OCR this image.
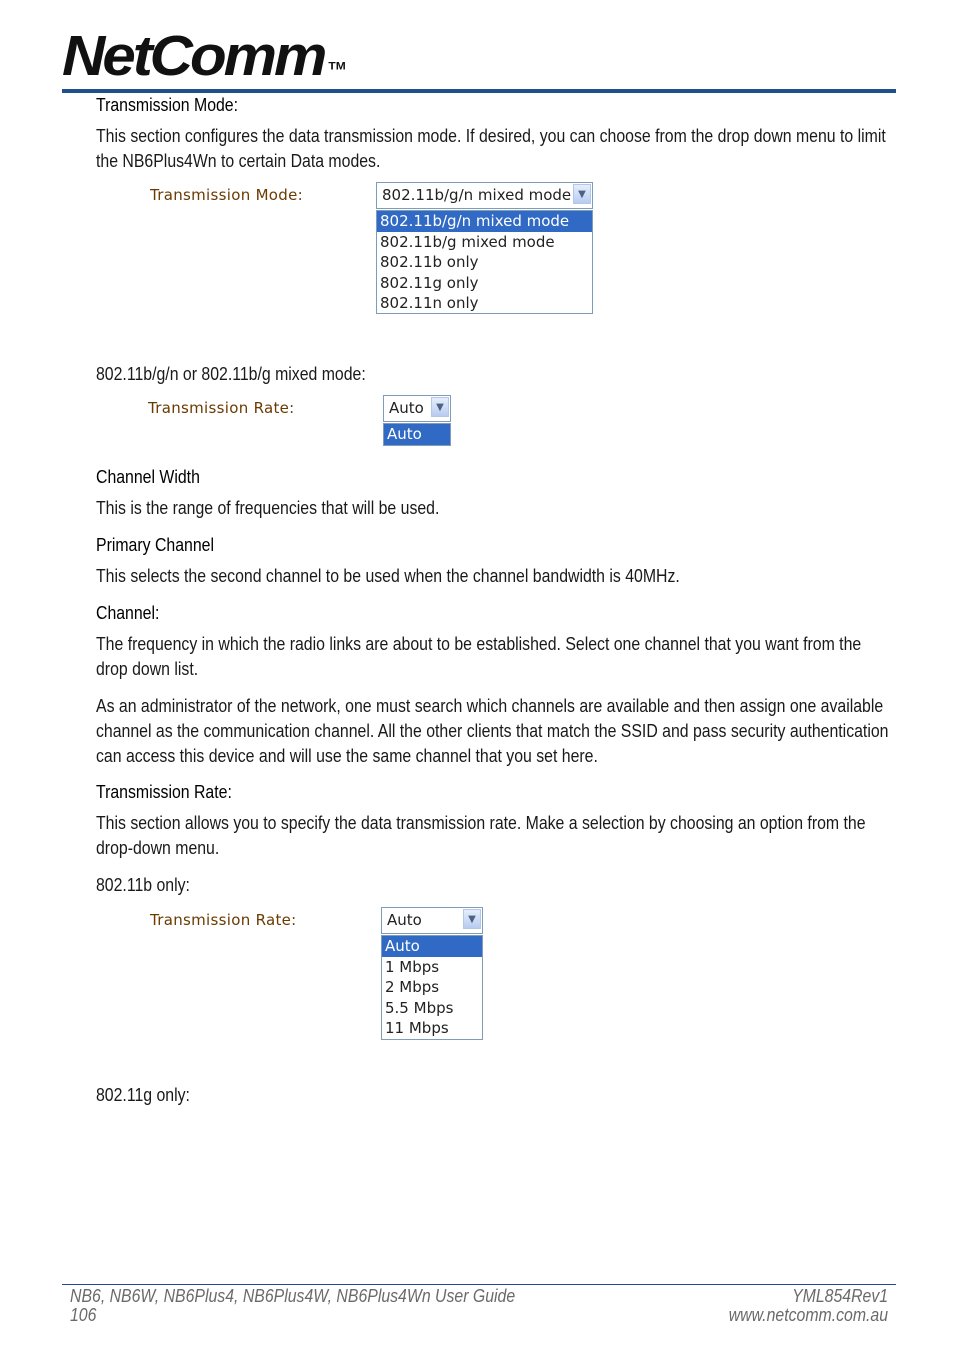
NetComm ™
Transmission Mode:
This section configures the data transmission mode. If desired, you can choose from the drop down menu to limit the NB6Plus4Wn to certain Data modes.
Transmission Mode:	802.11b/g/n mixed mode ▼
802.11b/g/n mixed mode
802.11b/g mixed mode
802.11b only
802.11g only
802.11n only
802.11b/g/n or 802.11b/g mixed mode:
Transmission Rate:	Auto	▼
Auto
Channel Width
This is the range of frequencies that will be used.
Primary Channel
This selects the second channel to be used when the channel bandwidth is 40MHz.
Channel:
The frequency in which the radio links are about to be established. Select one channel that you want from the drop down list.
As an administrator of the network, one must search which channels are available and then assign one available channel as the communication channel. All the other clients that match the SSID and pass security authentication can access this device and will use the same channel that you set here.
Transmission Rate:
This section allows you to specify the data transmission rate. Make a selection by choosing an option from the drop-down menu.
802.11b only:
Transmission Rate:	Auto	▼
Auto
1 Mbps
2 Mbps
5.5 Mbps
11 Mbps
802.11g only:
NB6, NB6W, NB6Plus4, NB6Plus4W, NB6Plus4Wn User Guide
106
YML854Rev1
www.netcomm.com.au
